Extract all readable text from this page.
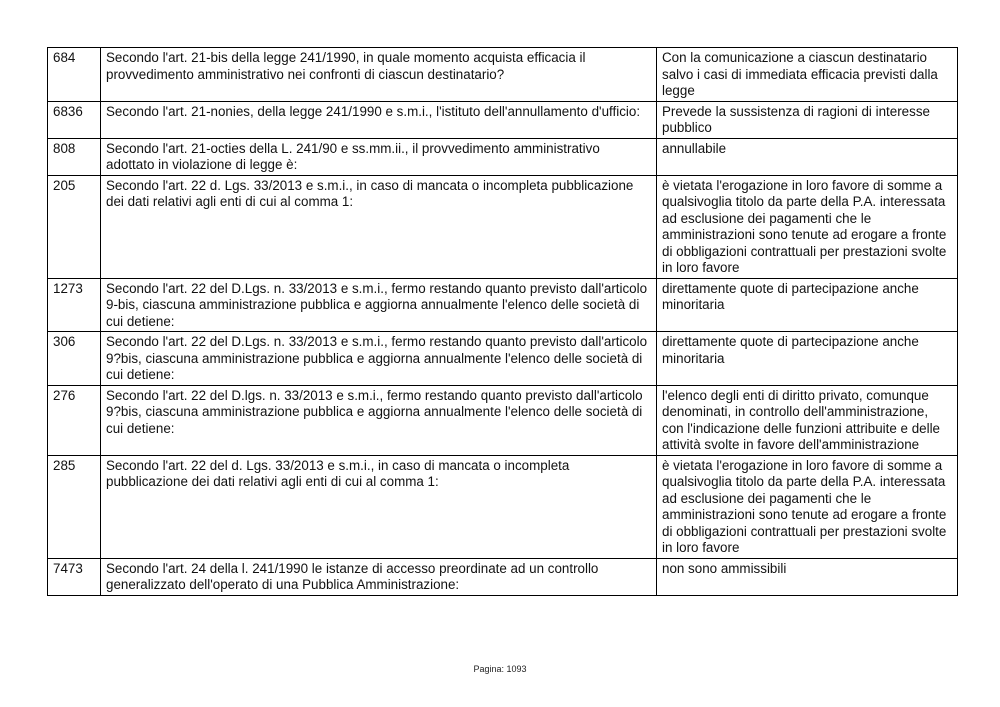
684	Secondo l'art. 21-bis della legge 241/1990, in quale momento acquista efficacia il provvedimento amministrativo nei confronti di ciascun destinatario?	Con la comunicazione a ciascun destinatario salvo i casi di immediata efficacia previsti dalla legge
6836	Secondo l'art. 21-nonies, della legge 241/1990 e s.m.i., l'istituto dell'annullamento d'ufficio:	Prevede la sussistenza di ragioni di interesse pubblico
808	Secondo l'art. 21-octies della L. 241/90 e ss.mm.ii., il provvedimento amministrativo adottato in violazione di legge è:	annullabile
205	Secondo l'art. 22 d. Lgs. 33/2013 e s.m.i., in caso di mancata o incompleta pubblicazione dei dati relativi agli enti di cui al comma 1:	è vietata l'erogazione in loro favore di somme a qualsivoglia titolo da parte della P.A. interessata ad esclusione dei pagamenti che le amministrazioni sono tenute ad erogare a fronte di obbligazioni contrattuali per prestazioni svolte in loro favore
1273	Secondo l'art. 22 del D.Lgs. n. 33/2013 e s.m.i., fermo restando quanto previsto dall'articolo 9-bis, ciascuna amministrazione pubblica e aggiorna annualmente l'elenco delle società di cui detiene:	direttamente quote di partecipazione anche minoritaria
306	Secondo l'art. 22 del D.Lgs. n. 33/2013 e s.m.i., fermo restando quanto previsto dall'articolo 9?bis, ciascuna amministrazione pubblica e aggiorna annualmente l'elenco delle società di cui detiene:	direttamente quote di partecipazione anche minoritaria
276	Secondo l'art. 22 del D.lgs. n. 33/2013 e s.m.i., fermo restando quanto previsto dall'articolo 9?bis, ciascuna amministrazione pubblica e aggiorna annualmente l'elenco delle società di cui detiene:	l'elenco degli enti di diritto privato, comunque denominati, in controllo dell'amministrazione, con l'indicazione delle funzioni attribuite e delle attività svolte in favore dell'amministrazione
285	Secondo l'art. 22 del d. Lgs. 33/2013 e s.m.i., in caso di mancata o incompleta pubblicazione dei dati relativi agli enti di cui al comma 1:	è vietata l'erogazione in loro favore di somme a qualsivoglia titolo da parte della P.A. interessata ad esclusione dei pagamenti che le amministrazioni sono tenute ad erogare a fronte di obbligazioni contrattuali per prestazioni svolte in loro favore
7473	Secondo l'art. 24 della l. 241/1990 le istanze di accesso preordinate ad un controllo generalizzato dell'operato di una Pubblica Amministrazione:	non sono ammissibili
Pagina: 1093
